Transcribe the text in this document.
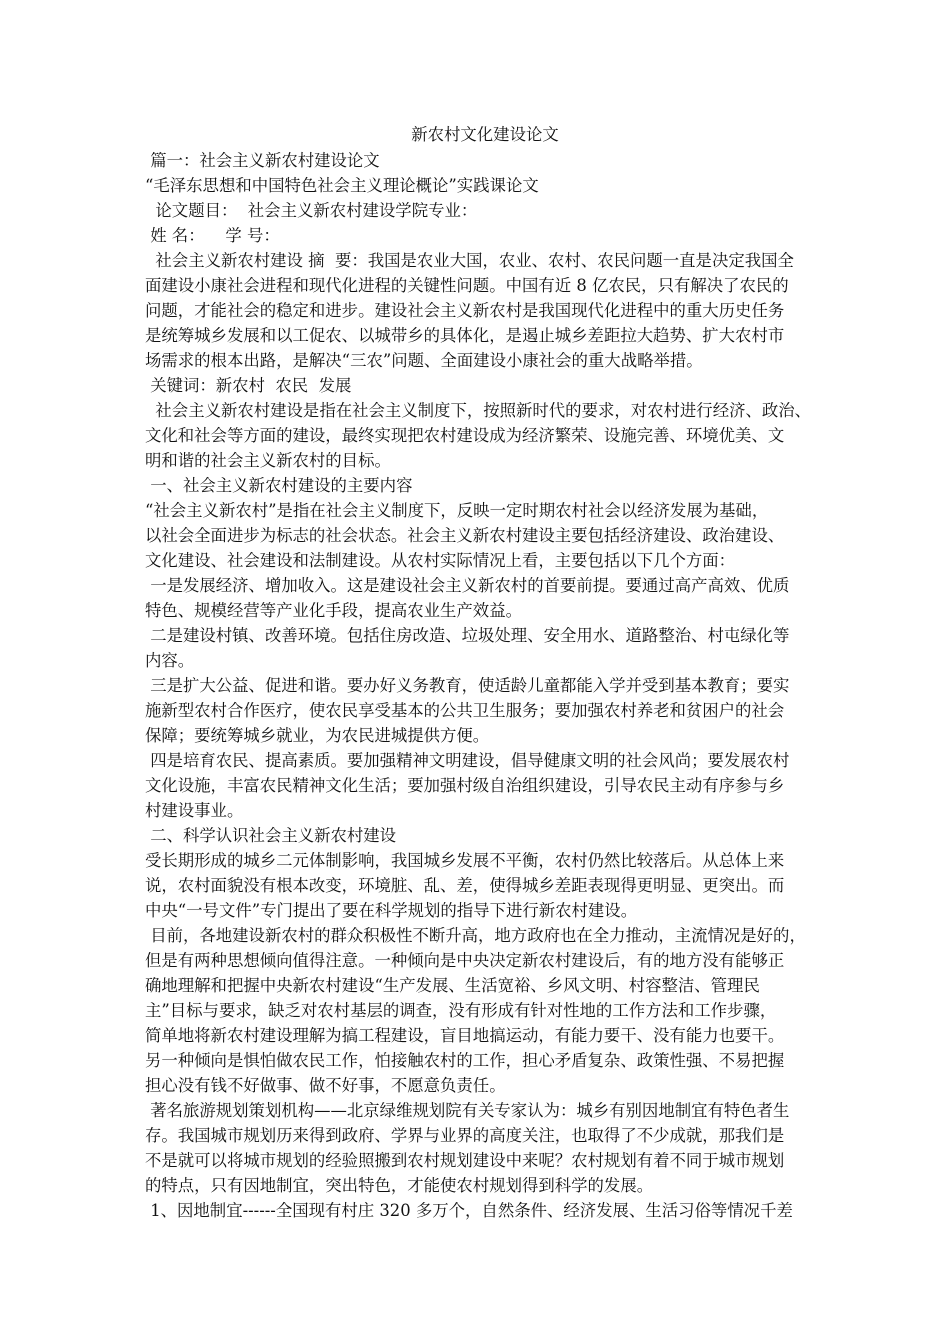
新农村文化建设论文
篇一：社会主义新农村建设论文
“毛泽东思想和中国特色社会主义理论概论”实践课论文
论文题目：  社会主义新农村建设学院专业：
姓 名：    学 号：
社会主义新农村建设 摘  要：我国是农业大国，农业、农村、农民问题一直是决定我国全
面建设小康社会进程和现代化进程的关键性问题。中国有近 8 亿农民，只有解决了农民的
问题，才能社会的稳定和进步。建设社会主义新农村是我国现代化进程中的重大历史任务
是统筹城乡发展和以工促农、以城带乡的具体化，是遏止城乡差距拉大趋势、扩大农村市
场需求的根本出路，是解决“三农”问题、全面建设小康社会的重大战略举措。
关键词：新农村  农民  发展
社会主义新农村建设是指在社会主义制度下，按照新时代的要求，对农村进行经济、政治、
文化和社会等方面的建设，最终实现把农村建设成为经济繁荣、设施完善、环境优美、文
明和谐的社会主义新农村的目标。
一、社会主义新农村建设的主要内容
“社会主义新农村”是指在社会主义制度下，反映一定时期农村社会以经济发展为基础，
以社会全面进步为标志的社会状态。社会主义新农村建设主要包括经济建设、政治建设、
文化建设、社会建设和法制建设。从农村实际情况上看，主要包括以下几个方面：
一是发展经济、增加收入。这是建设社会主义新农村的首要前提。要通过高产高效、优质
特色、规模经营等产业化手段，提高农业生产效益。
二是建设村镇、改善环境。包括住房改造、垃圾处理、安全用水、道路整治、村屯绿化等
内容。
三是扩大公益、促进和谐。要办好义务教育，使适龄儿童都能入学并受到基本教育；要实
施新型农村合作医疗，使农民享受基本的公共卫生服务；要加强农村养老和贫困户的社会
保障；要统筹城乡就业，为农民进城提供方便。
四是培育农民、提高素质。要加强精神文明建设，倡导健康文明的社会风尚；要发展农村
文化设施，丰富农民精神文化生活；要加强村级自治组织建设，引导农民主动有序参与乡
村建设事业。
二、科学认识社会主义新农村建设
受长期形成的城乡二元体制影响，我国城乡发展不平衡，农村仍然比较落后。从总体上来
说，农村面貌没有根本改变，环境脏、乱、差，使得城乡差距表现得更明显、更突出。而
中央“一号文件”专门提出了要在科学规划的指导下进行新农村建设。
目前，各地建设新农村的群众积极性不断升高，地方政府也在全力推动，主流情况是好的，
但是有两种思想倾向值得注意。一种倾向是中央决定新农村建设后，有的地方没有能够正
确地理解和把握中央新农村建设“生产发展、生活宽裕、乡风文明、村容整洁、管理民
主”目标与要求，缺乏对农村基层的调查，没有形成有针对性地的工作方法和工作步骤，
简单地将新农村建设理解为搞工程建设，盲目地搞运动，有能力要干、没有能力也要干。
另一种倾向是惧怕做农民工作，怕接触农村的工作，担心矛盾复杂、政策性强、不易把握
担心没有钱不好做事、做不好事，不愿意负责任。
著名旅游规划策划机构——北京绿维规划院有关专家认为：城乡有别因地制宜有特色者生
存。我国城市规划历来得到政府、学界与业界的高度关注，也取得了不少成就，那我们是
不是就可以将城市规划的经验照搬到农村规划建设中来呢？农村规划有着不同于城市规划
的特点，只有因地制宜，突出特色，才能使农村规划得到科学的发展。
1、因地制宜------全国现有村庄 320 多万个，自然条件、经济发展、生活习俗等情况千差
